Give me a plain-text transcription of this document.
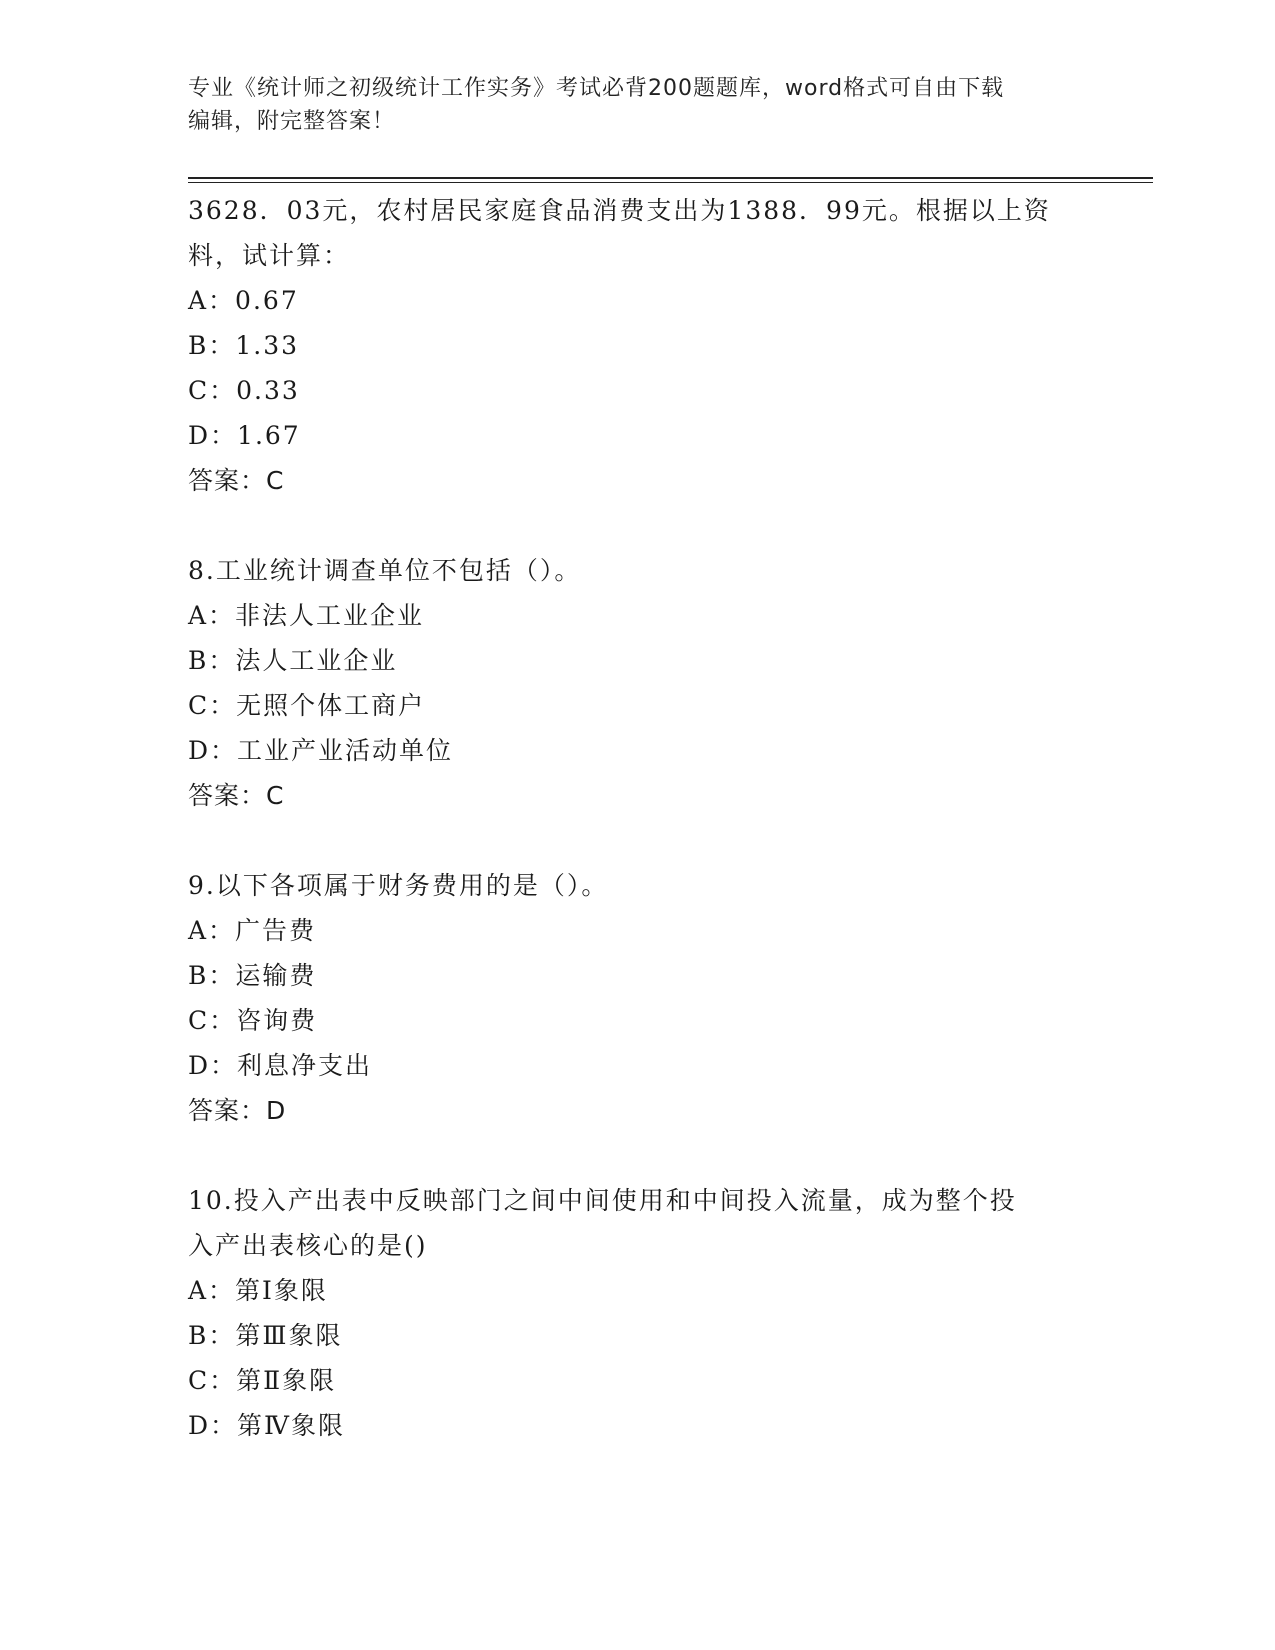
专业《统计师之初级统计工作实务》考试必背200题题库，word格式可自由下载
编辑，附完整答案！
3628．03元，农村居民家庭食品消费支出为1388．99元。根据以上资
料，试计算：
A：0.67
B：1.33
C：0.33
D：1.67
答案：C
8.工业统计调查单位不包括（）。
A：非法人工业企业
B：法人工业企业
C：无照个体工商户
D：工业产业活动单位
答案：C
9.以下各项属于财务费用的是（）。
A：广告费
B：运输费
C：咨询费
D：利息净支出
答案：D
10.投入产出表中反映部门之间中间使用和中间投入流量，成为整个投
入产出表核心的是()
A：第Ⅰ象限
B：第Ⅲ象限
C：第Ⅱ象限
D：第Ⅳ象限
